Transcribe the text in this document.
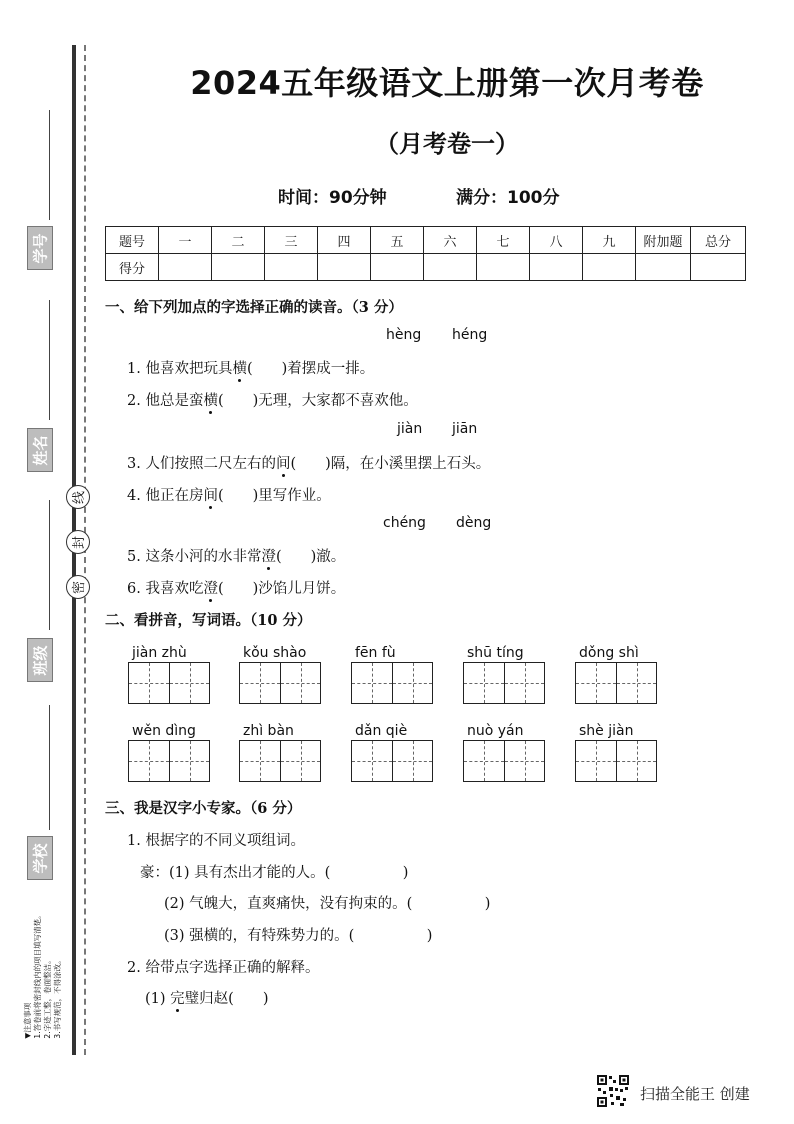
学号
姓名
班级
学校
线
封
密
▼注意事项
1.答卷前将密封线内的项目填写清楚。
2.字迹工整，卷面整洁。
3.书写规范，不得涂改。
2024五年级语文上册第一次月考卷
（月考卷一）
时间：90分钟	满分：100分
题号	一	二	三	四	五	六	七	八	九	附加题	总分
得分											
一、给下列加点的字选择正确的读音。（3 分）
hèng héng
1. 他喜欢把玩具横(　　)着摆成一排。
2. 他总是蛮横(　　)无理，大家都不喜欢他。
jiàn jiān
3. 人们按照二尺左右的间(　　)隔，在小溪里摆上石头。
4. 他正在房间(　　)里写作业。
chéng dèng
5. 这条小河的水非常澄(　　)澈。
6. 我喜欢吃澄(　　)沙馅儿月饼。
二、看拼音，写词语。（10 分）
jiàn zhù	kǒu shào	fēn fù	shū tíng	dǒng shì
wěn dìng	zhì bàn	dǎn qiè	nuò yán	shè jiàn
三、我是汉字小专家。（6 分）
1. 根据字的不同义项组词。
豪：(1) 具有杰出才能的人。(　　　　　)
(2) 气魄大，直爽痛快，没有拘束的。(　　　　　)
(3) 强横的，有特殊势力的。(　　　　　)
2. 给带点字选择正确的解释。
(1) 完璧归赵(　　)
扫描全能王 创建
